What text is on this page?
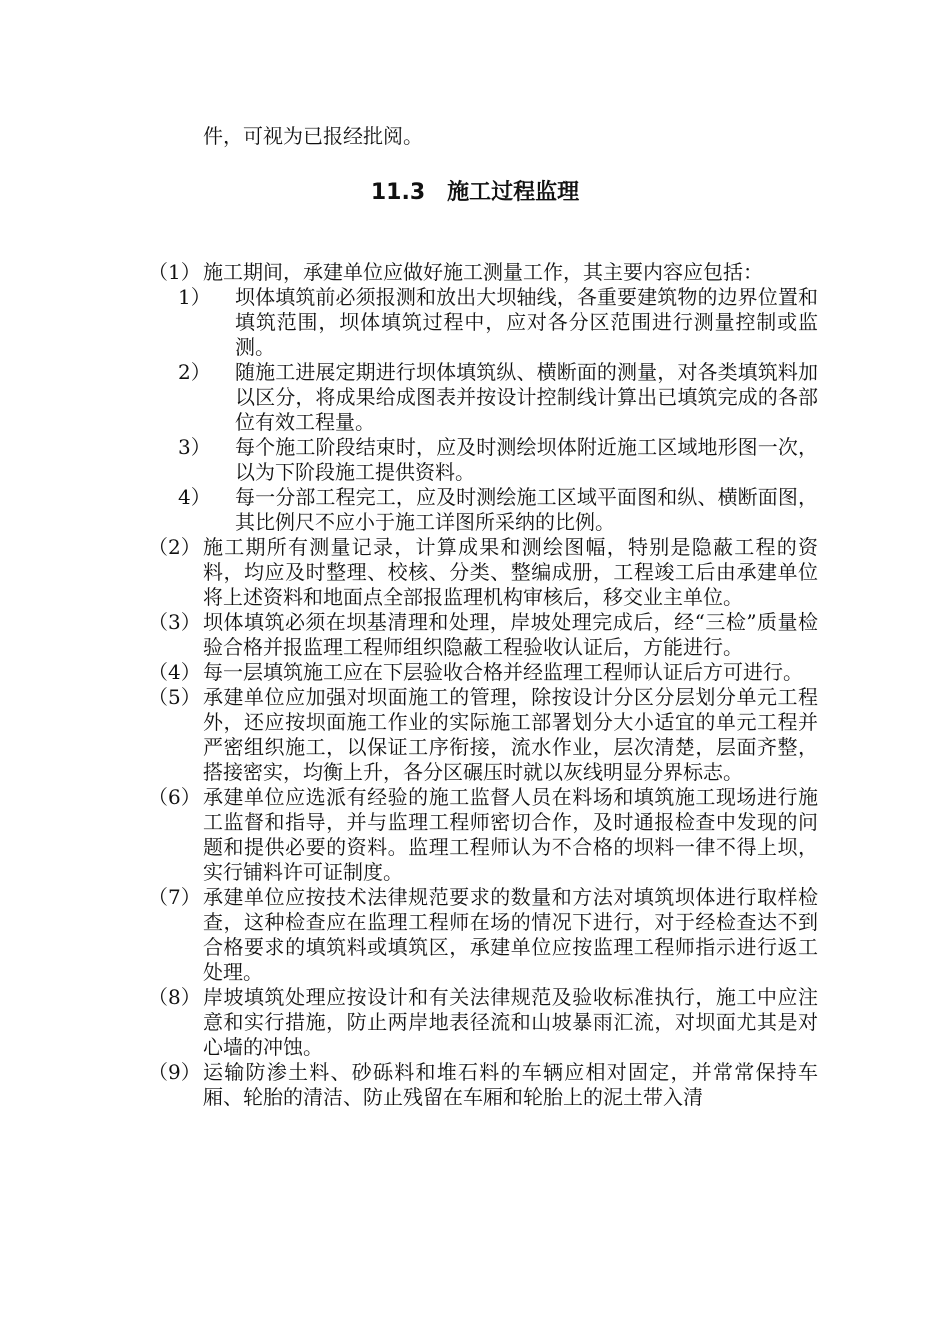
件，可视为已报经批阅。
11.3 施工过程监理
（1） 施工期间，承建单位应做好施工测量工作，其主要内容应包括：
1）	坝体填筑前必须报测和放出大坝轴线，各重要建筑物的边界位置和填筑范围，坝体填筑过程中，应对各分区范围进行测量控制或监测。
2）	随施工进展定期进行坝体填筑纵、横断面的测量，对各类填筑料加以区分，将成果给成图表并按设计控制线计算出已填筑完成的各部位有效工程量。
3）	每个施工阶段结束时，应及时测绘坝体附近施工区域地形图一次，以为下阶段施工提供资料。
4）	每一分部工程完工，应及时测绘施工区域平面图和纵、横断面图，其比例尺不应小于施工详图所采纳的比例。
（2） 施工期所有测量记录，计算成果和测绘图幅，特别是隐蔽工程的资料，均应及时整理、校核、分类、整编成册，工程竣工后由承建单位将上述资料和地面点全部报监理机构审核后，移交业主单位。
（3） 坝体填筑必须在坝基清理和处理，岸坡处理完成后，经“三检”质量检验合格并报监理工程师组织隐蔽工程验收认证后，方能进行。
（4） 每一层填筑施工应在下层验收合格并经监理工程师认证后方可进行。
（5） 承建单位应加强对坝面施工的管理，除按设计分区分层划分单元工程外，还应按坝面施工作业的实际施工部署划分大小适宜的单元工程并严密组织施工，以保证工序衔接，流水作业，层次清楚，层面齐整，搭接密实，均衡上升，各分区碾压时就以灰线明显分界标志。
（6） 承建单位应选派有经验的施工监督人员在料场和填筑施工现场进行施工监督和指导，并与监理工程师密切合作，及时通报检查中发现的问题和提供必要的资料。监理工程师认为不合格的坝料一律不得上坝，实行铺料许可证制度。
（7） 承建单位应按技术法律规范要求的数量和方法对填筑坝体进行取样检查，这种检查应在监理工程师在场的情况下进行，对于经检查达不到合格要求的填筑料或填筑区，承建单位应按监理工程师指示进行返工处理。
（8） 岸坡填筑处理应按设计和有关法律规范及验收标准执行，施工中应注意和实行措施，防止两岸地表径流和山坡暴雨汇流，对坝面尤其是对心墙的冲蚀。
（9） 运输防渗土料、砂砾料和堆石料的车辆应相对固定，并常常保持车厢、轮胎的清洁、防止残留在车厢和轮胎上的泥土带入清
